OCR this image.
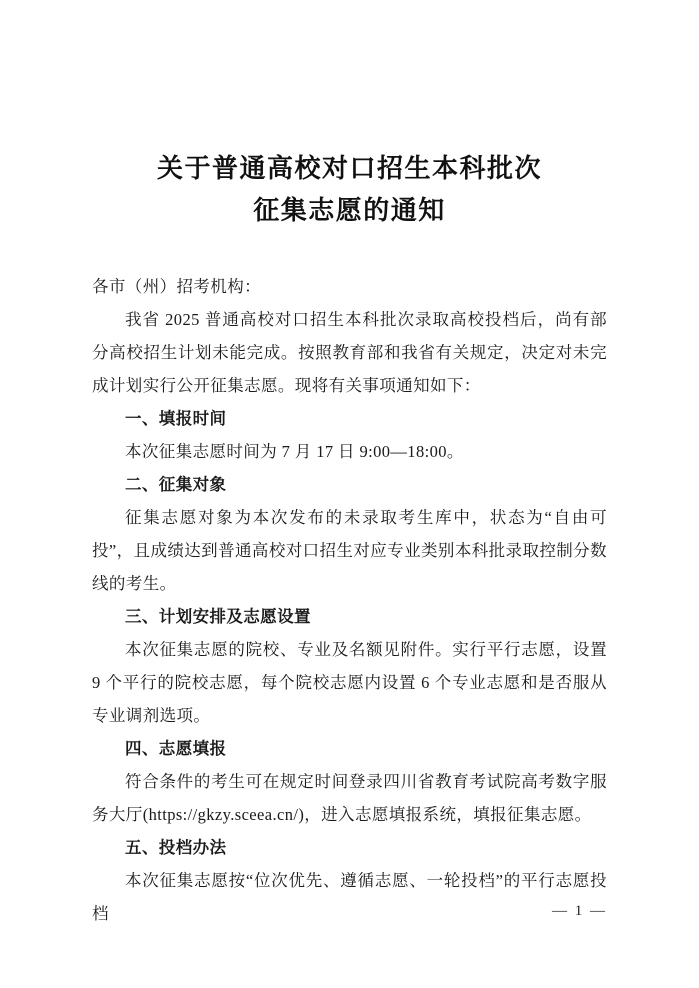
关于普通高校对口招生本科批次
征集志愿的通知

各市（州）招考机构：

我省 2025 普通高校对口招生本科批次录取高校投档后，尚有部分高校招生计划未能完成。按照教育部和我省有关规定，决定对未完成计划实行公开征集志愿。现将有关事项通知如下：

一、填报时间

本次征集志愿时间为 7 月 17 日 9:00—18:00。

二、征集对象

征集志愿对象为本次发布的未录取考生库中，状态为“自由可投”，且成绩达到普通高校对口招生对应专业类别本科批录取控制分数线的考生。

三、计划安排及志愿设置

本次征集志愿的院校、专业及名额见附件。实行平行志愿，设置 9 个平行的院校志愿，每个院校志愿内设置 6 个专业志愿和是否服从专业调剂选项。

四、志愿填报

符合条件的考生可在规定时间登录四川省教育考试院高考数字服务大厅(https://gkzy.sceea.cn/)，进入志愿填报系统，填报征集志愿。

五、投档办法

本次征集志愿按“位次优先、遵循志愿、一轮投档”的平行志愿投档	— 1 —
